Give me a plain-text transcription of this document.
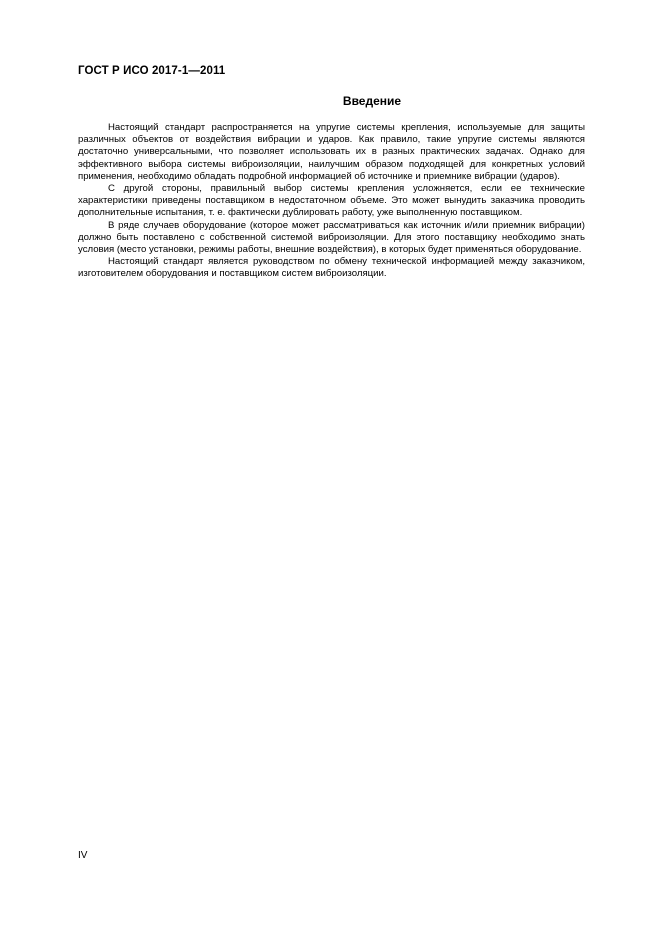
ГОСТ Р ИСО 2017-1—2011
Введение

Настоящий стандарт распространяется на упругие системы крепления, используемые для защиты различных объектов от воздействия вибрации и ударов. Как правило, такие упругие системы являются достаточно универсальными, что позволяет использовать их в разных практических задачах. Однако для эффективного выбора системы виброизоляции, наилучшим образом подходящей для конкретных условий применения, необходимо обладать подробной информацией об источнике и приемнике вибрации (ударов).

С другой стороны, правильный выбор системы крепления усложняется, если ее технические характеристики приведены поставщиком в недостаточном объеме. Это может вынудить заказчика проводить дополнительные испытания, т. е. фактически дублировать работу, уже выполненную поставщиком.

В ряде случаев оборудование (которое может рассматриваться как источник и/или приемник вибрации) должно быть поставлено с собственной системой виброизоляции. Для этого поставщику необходимо знать условия (место установки, режимы работы, внешние воздействия), в которых будет применяться оборудование.

Настоящий стандарт является руководством по обмену технической информацией между заказчиком, изготовителем оборудования и поставщиком систем виброизоляции.

IV
